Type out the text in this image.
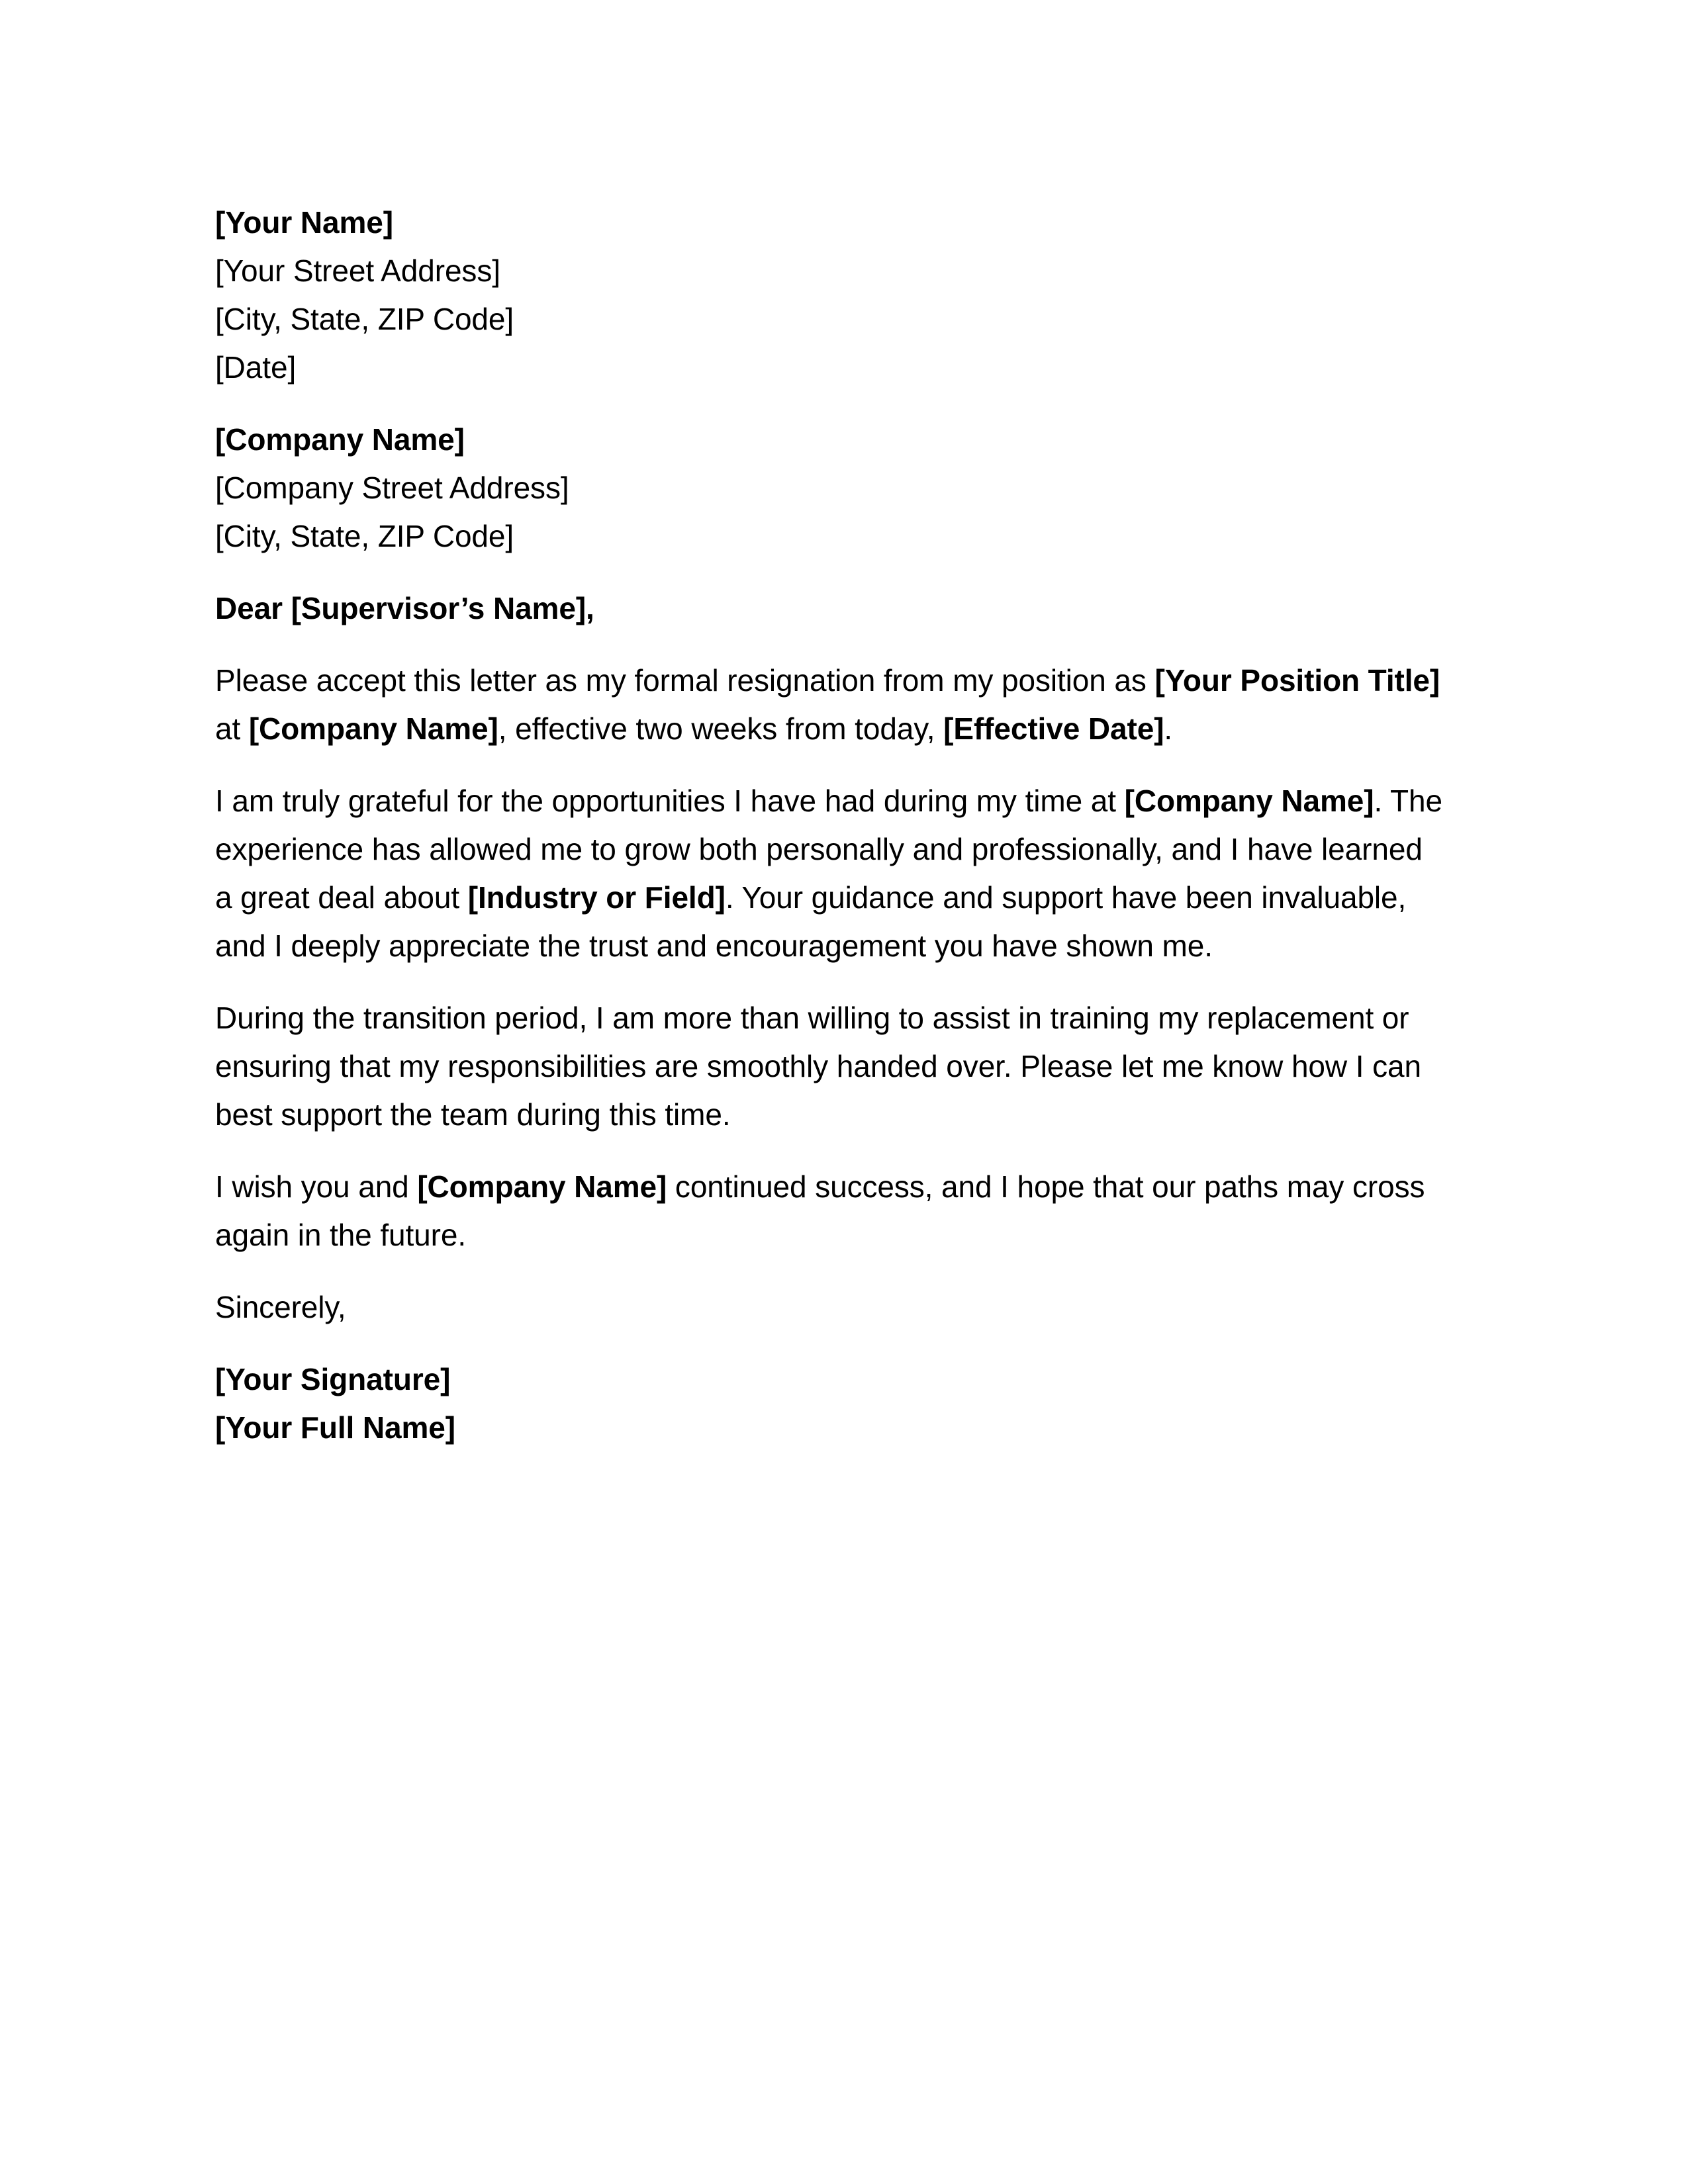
[Your Name]
[Your Street Address]
[City, State, ZIP Code]
[Date]
[Company Name]
[Company Street Address]
[City, State, ZIP Code]
Dear [Supervisor’s Name],

Please accept this letter as my formal resignation from my position as [Your Position Title] at [Company Name], effective two weeks from today, [Effective Date].

I am truly grateful for the opportunities I have had during my time at [Company Name]. The experience has allowed me to grow both personally and professionally, and I have learned a great deal about [Industry or Field]. Your guidance and support have been invaluable, and I deeply appreciate the trust and encouragement you have shown me.

During the transition period, I am more than willing to assist in training my replacement or ensuring that my responsibilities are smoothly handed over. Please let me know how I can best support the team during this time.

I wish you and [Company Name] continued success, and I hope that our paths may cross again in the future.

Sincerely,
[Your Signature]
[Your Full Name]
